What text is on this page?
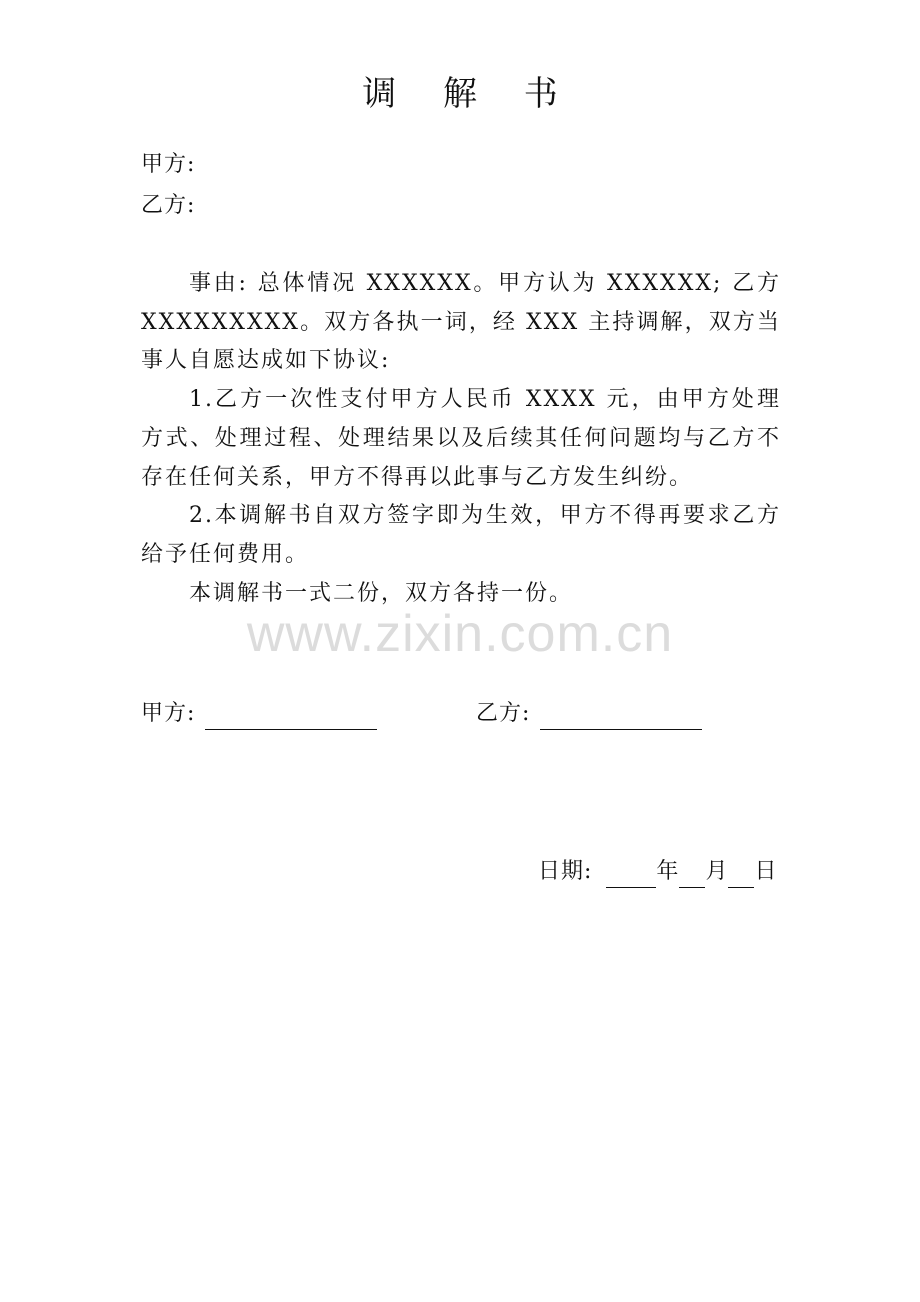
调 解 书
甲方:
乙方:

事由: 总体情况 XXXXXX。甲方认为 XXXXXX; 乙方 XXXXXXXXX。双方各执一词，经 XXX 主持调解，双方当事人自愿达成如下协议:

1.乙方一次性支付甲方人民币 XXXX 元，由甲方处理方式、处理过程、处理结果以及后续其任何问题均与乙方不存在任何关系，甲方不得再以此事与乙方发生纠纷。

2.本调解书自双方签字即为生效，甲方不得再要求乙方给予任何费用。

本调解书一式二份，双方各持一份。

www.zixin.com.cn
甲方:	乙方:
日期:	年 月 日
